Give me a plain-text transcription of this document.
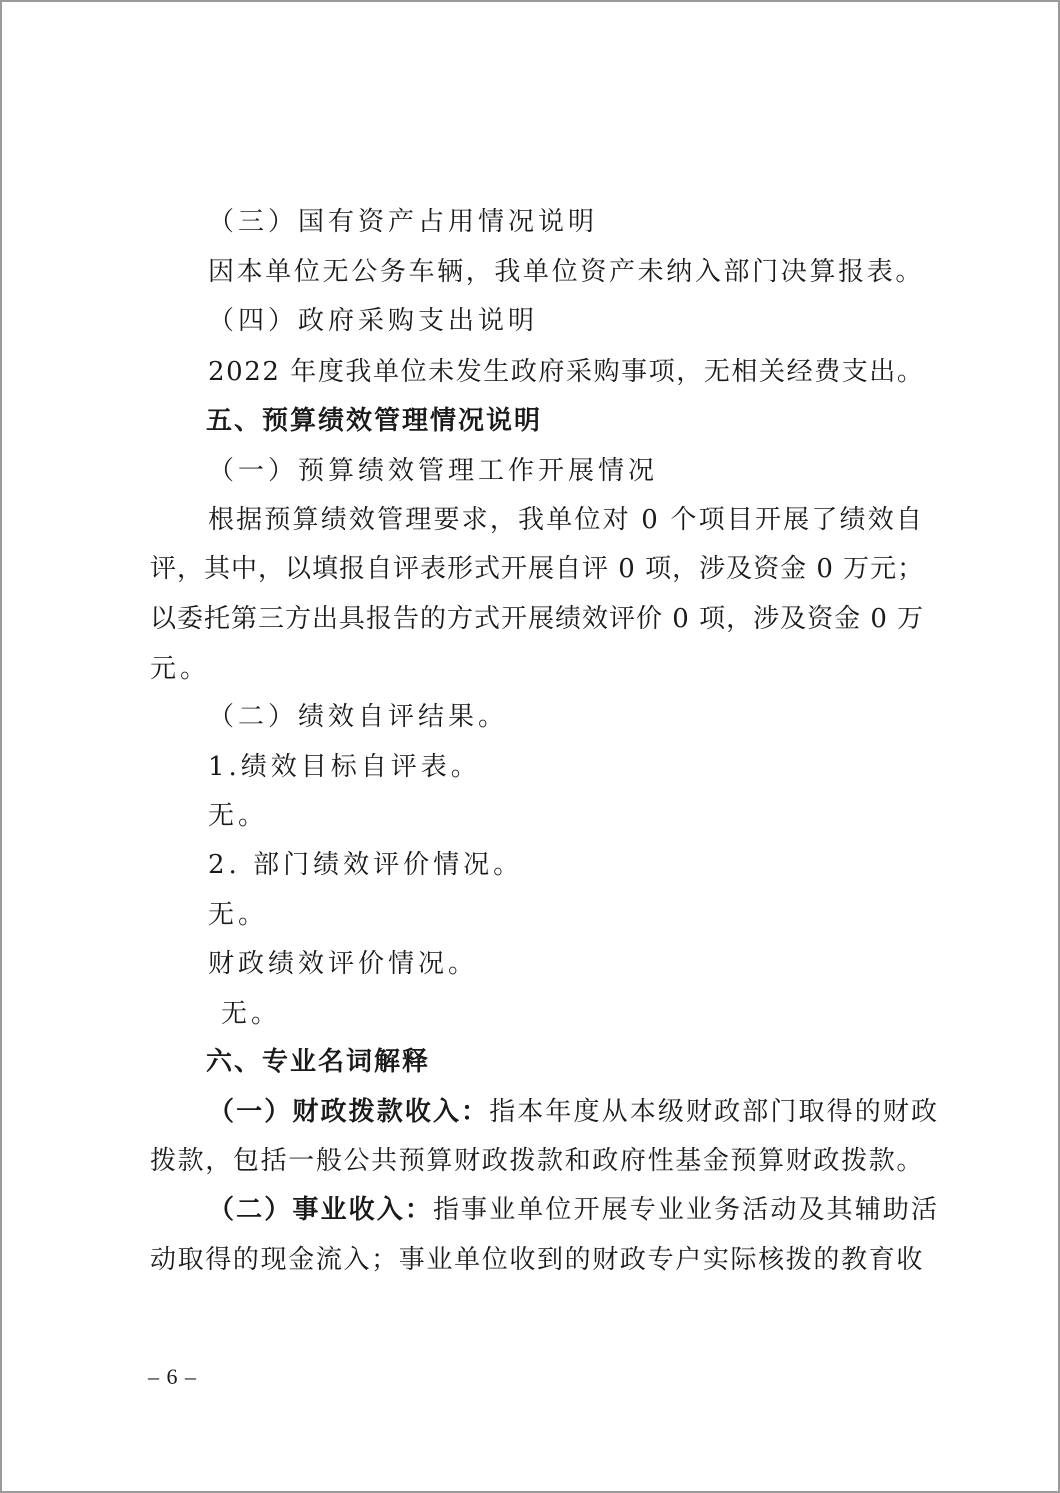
（三）国有资产占用情况说明
因本单位无公务车辆，我单位资产未纳入部门决算报表。
（四）政府采购支出说明
2022 年度我单位未发生政府采购事项，无相关经费支出。
五、预算绩效管理情况说明
（一）预算绩效管理工作开展情况
根据预算绩效管理要求，我单位对 0 个项目开展了绩效自
评，其中，以填报自评表形式开展自评 0 项，涉及资金 0 万元；
以委托第三方出具报告的方式开展绩效评价 0 项，涉及资金 0 万
元。
（二）绩效自评结果。
1.绩效目标自评表。
无。
2. 部门绩效评价情况。
无。
财政绩效评价情况。
无。
六、专业名词解释
（一）财政拨款收入：指本年度从本级财政部门取得的财政
拨款，包括一般公共预算财政拨款和政府性基金预算财政拨款。
（二）事业收入：指事业单位开展专业业务活动及其辅助活
动取得的现金流入；事业单位收到的财政专户实际核拨的教育收
– 6 –
